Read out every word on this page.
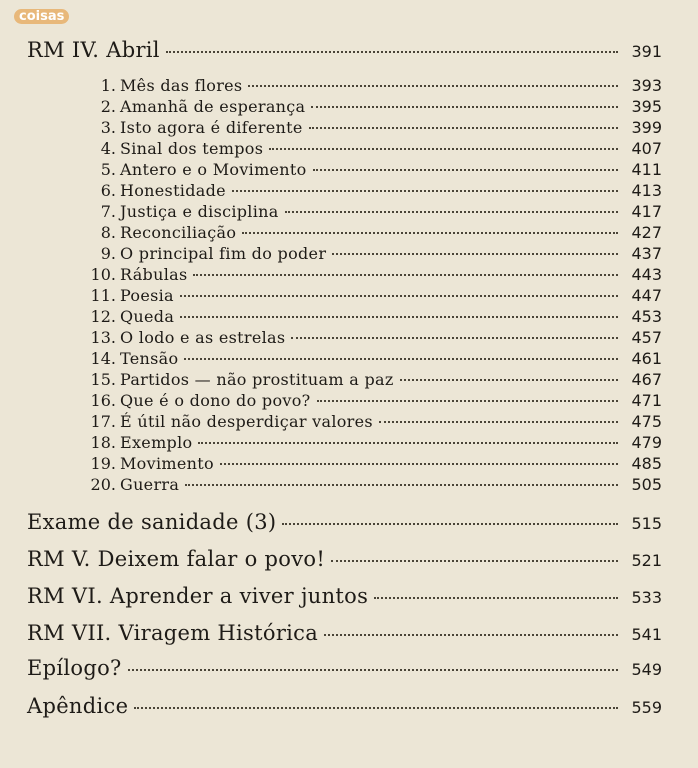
coisas
RM IV. Abril	391
1. Mês das flores	393
2. Amanhã de esperança	395
3. Isto agora é diferente	399
4. Sinal dos tempos	407
5. Antero e o Movimento	411
6. Honestidade	413
7. Justiça e disciplina	417
8. Reconciliação	427
9. O principal fim do poder	437
10. Rábulas	443
11. Poesia	447
12. Queda	453
13. O lodo e as estrelas	457
14. Tensão	461
15. Partidos — não prostituam a paz	467
16. Que é o dono do povo?	471
17. É útil não desperdiçar valores	475
18. Exemplo	479
19. Movimento	485
20. Guerra	505
Exame de sanidade (3)	515
RM V. Deixem falar o povo!	521
RM VI. Aprender a viver juntos	533
RM VII. Viragem Histórica	541
Epílogo?	549
Apêndice	559
